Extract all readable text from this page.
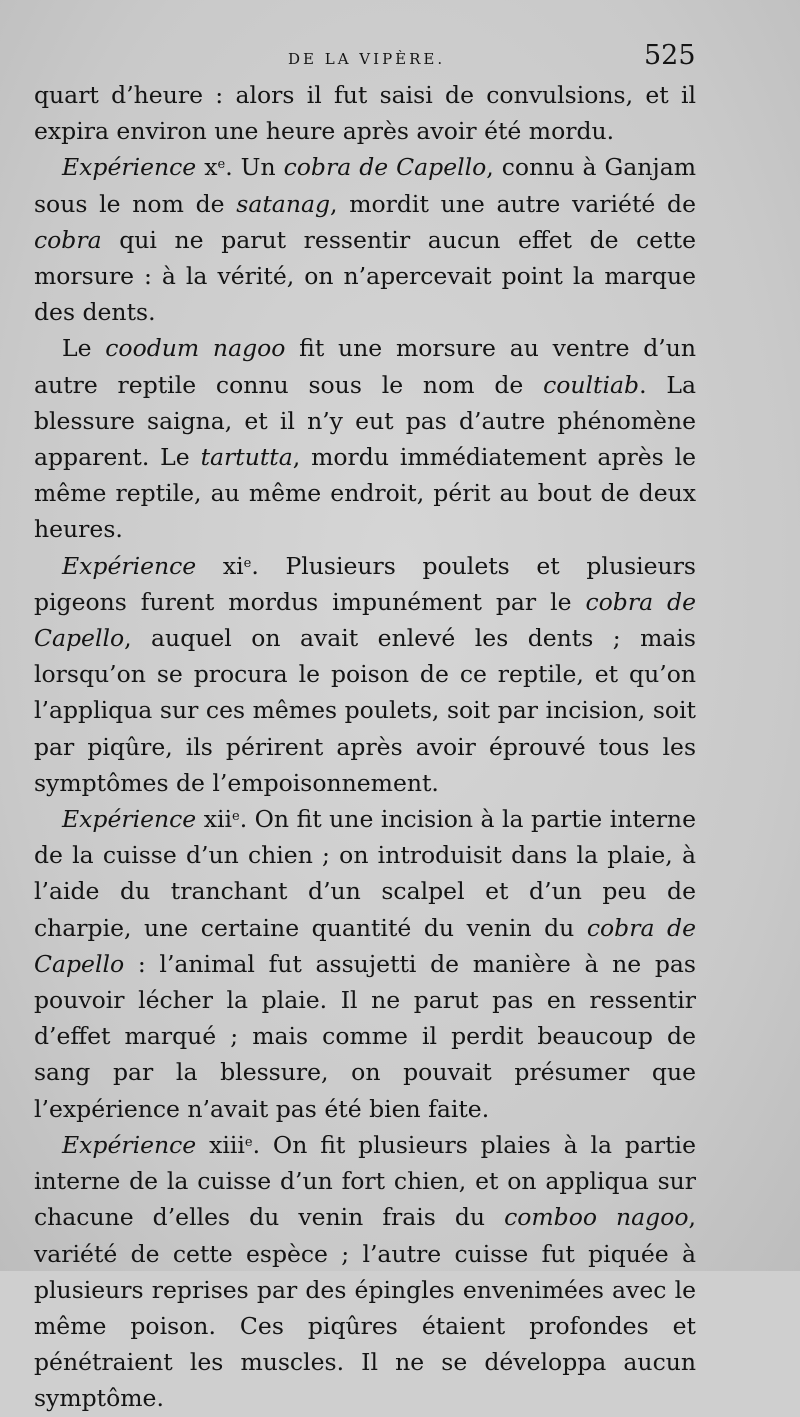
DE LA VIPÈRE.	525

quart d’heure : alors il fut saisi de convulsions, et il expira environ une heure après avoir été mordu.

Expérience $x^e$. Un cobra de Capello, connu à Ganjam sous le nom de satanag, mordit une autre variété de cobra qui ne parut ressentir aucun effet de cette morsure : à la vérité, on n’apercevait point la marque des dents.

Le coodum nagoo fit une morsure au ventre d’un autre reptile connu sous le nom de coultiab. La blessure saigna, et il n’y eut pas d’autre phénomène apparent. Le tartutta, mordu immédiatement après le même reptile, au même endroit, périt au bout de deux heures.

Expérience $xi^e$. Plusieurs poulets et plusieurs pigeons furent mordus impunément par le cobra de Capello, auquel on avait enlevé les dents ; mais lorsqu’on se procura le poison de ce reptile, et qu’on l’appliqua sur ces mêmes poulets, soit par incision, soit par piqûre, ils périrent après avoir éprouvé tous les symptômes de l’empoisonnement.

Expérience xii$^e$. On fit une incision à la partie interne de la cuisse d’un chien ; on introduisit dans la plaie, à l’aide du tranchant d’un scalpel et d’un peu de charpie, une certaine quantité du venin du cobra de Capello : l’animal fut assujetti de manière à ne pas pouvoir lécher la plaie. Il ne parut pas en ressentir d’effet marqué ; mais comme il perdit beaucoup de sang par la blessure, on pouvait présumer que l’expérience n’avait pas été bien faite.

Expérience xiii$^e$. On fit plusieurs plaies à la partie interne de la cuisse d’un fort chien, et on appliqua sur chacune d’elles du venin frais du comboo nagoo, variété de cette espèce ; l’autre cuisse fut piquée à plusieurs reprises par des épingles envenimées avec le même poison. Ces piqûres étaient profondes et pénétraient les muscles. Il ne se développa aucun symptôme.
